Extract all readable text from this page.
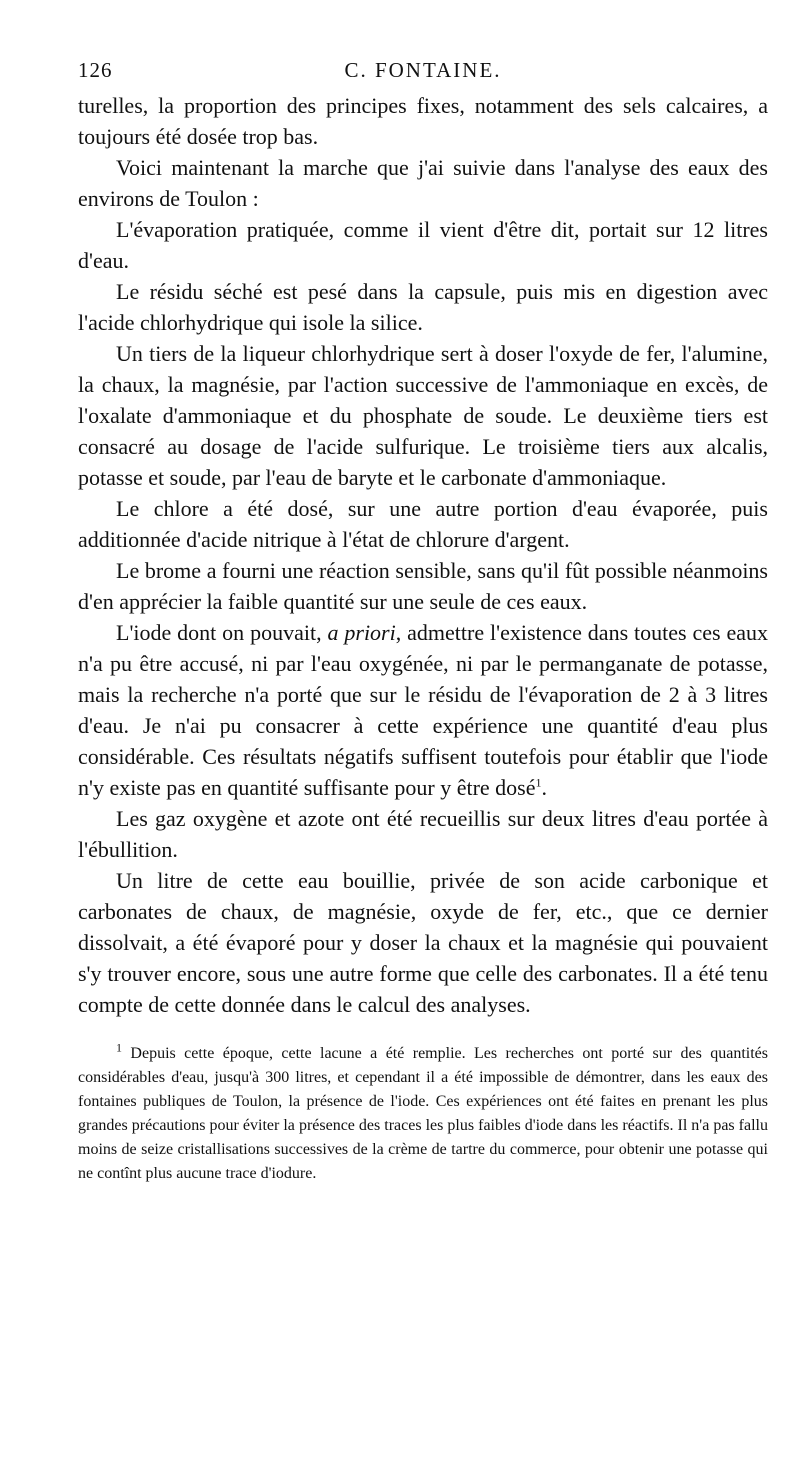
126	C. FONTAINE.

turelles, la proportion des principes fixes, notamment des sels calcaires, a toujours été dosée trop bas.

Voici maintenant la marche que j'ai suivie dans l'analyse des eaux des environs de Toulon :

L'évaporation pratiquée, comme il vient d'être dit, portait sur 12 litres d'eau.

Le résidu séché est pesé dans la capsule, puis mis en digestion avec l'acide chlorhydrique qui isole la silice.

Un tiers de la liqueur chlorhydrique sert à doser l'oxyde de fer, l'alumine, la chaux, la magnésie, par l'action successive de l'ammoniaque en excès, de l'oxalate d'ammoniaque et du phosphate de soude. Le deuxième tiers est consacré au dosage de l'acide sulfurique. Le troisième tiers aux alcalis, potasse et soude, par l'eau de baryte et le carbonate d'ammoniaque.

Le chlore a été dosé, sur une autre portion d'eau évaporée, puis additionnée d'acide nitrique à l'état de chlorure d'argent.

Le brome a fourni une réaction sensible, sans qu'il fût possible néanmoins d'en apprécier la faible quantité sur une seule de ces eaux.

L'iode dont on pouvait, a priori, admettre l'existence dans toutes ces eaux n'a pu être accusé, ni par l'eau oxygénée, ni par le permanganate de potasse, mais la recherche n'a porté que sur le résidu de l'évaporation de 2 à 3 litres d'eau. Je n'ai pu consacrer à cette expérience une quantité d'eau plus considérable. Ces résultats négatifs suffisent toutefois pour établir que l'iode n'y existe pas en quantité suffisante pour y être dosé$^1$.

Les gaz oxygène et azote ont été recueillis sur deux litres d'eau portée à l'ébullition.

Un litre de cette eau bouillie, privée de son acide carbonique et carbonates de chaux, de magnésie, oxyde de fer, etc., que ce dernier dissolvait, a été évaporé pour y doser la chaux et la magnésie qui pouvaient s'y trouver encore, sous une autre forme que celle des carbonates. Il a été tenu compte de cette donnée dans le calcul des analyses.

$^1$ Depuis cette époque, cette lacune a été remplie. Les recherches ont porté sur des quantités considérables d'eau, jusqu'à 300 litres, et cependant il a été impossible de démontrer, dans les eaux des fontaines publiques de Toulon, la présence de l'iode. Ces expériences ont été faites en prenant les plus grandes précautions pour éviter la présence des traces les plus faibles d'iode dans les réactifs. Il n'a pas fallu moins de seize cristallisations successives de la crème de tartre du commerce, pour obtenir une potasse qui ne contînt plus aucune trace d'iodure.
